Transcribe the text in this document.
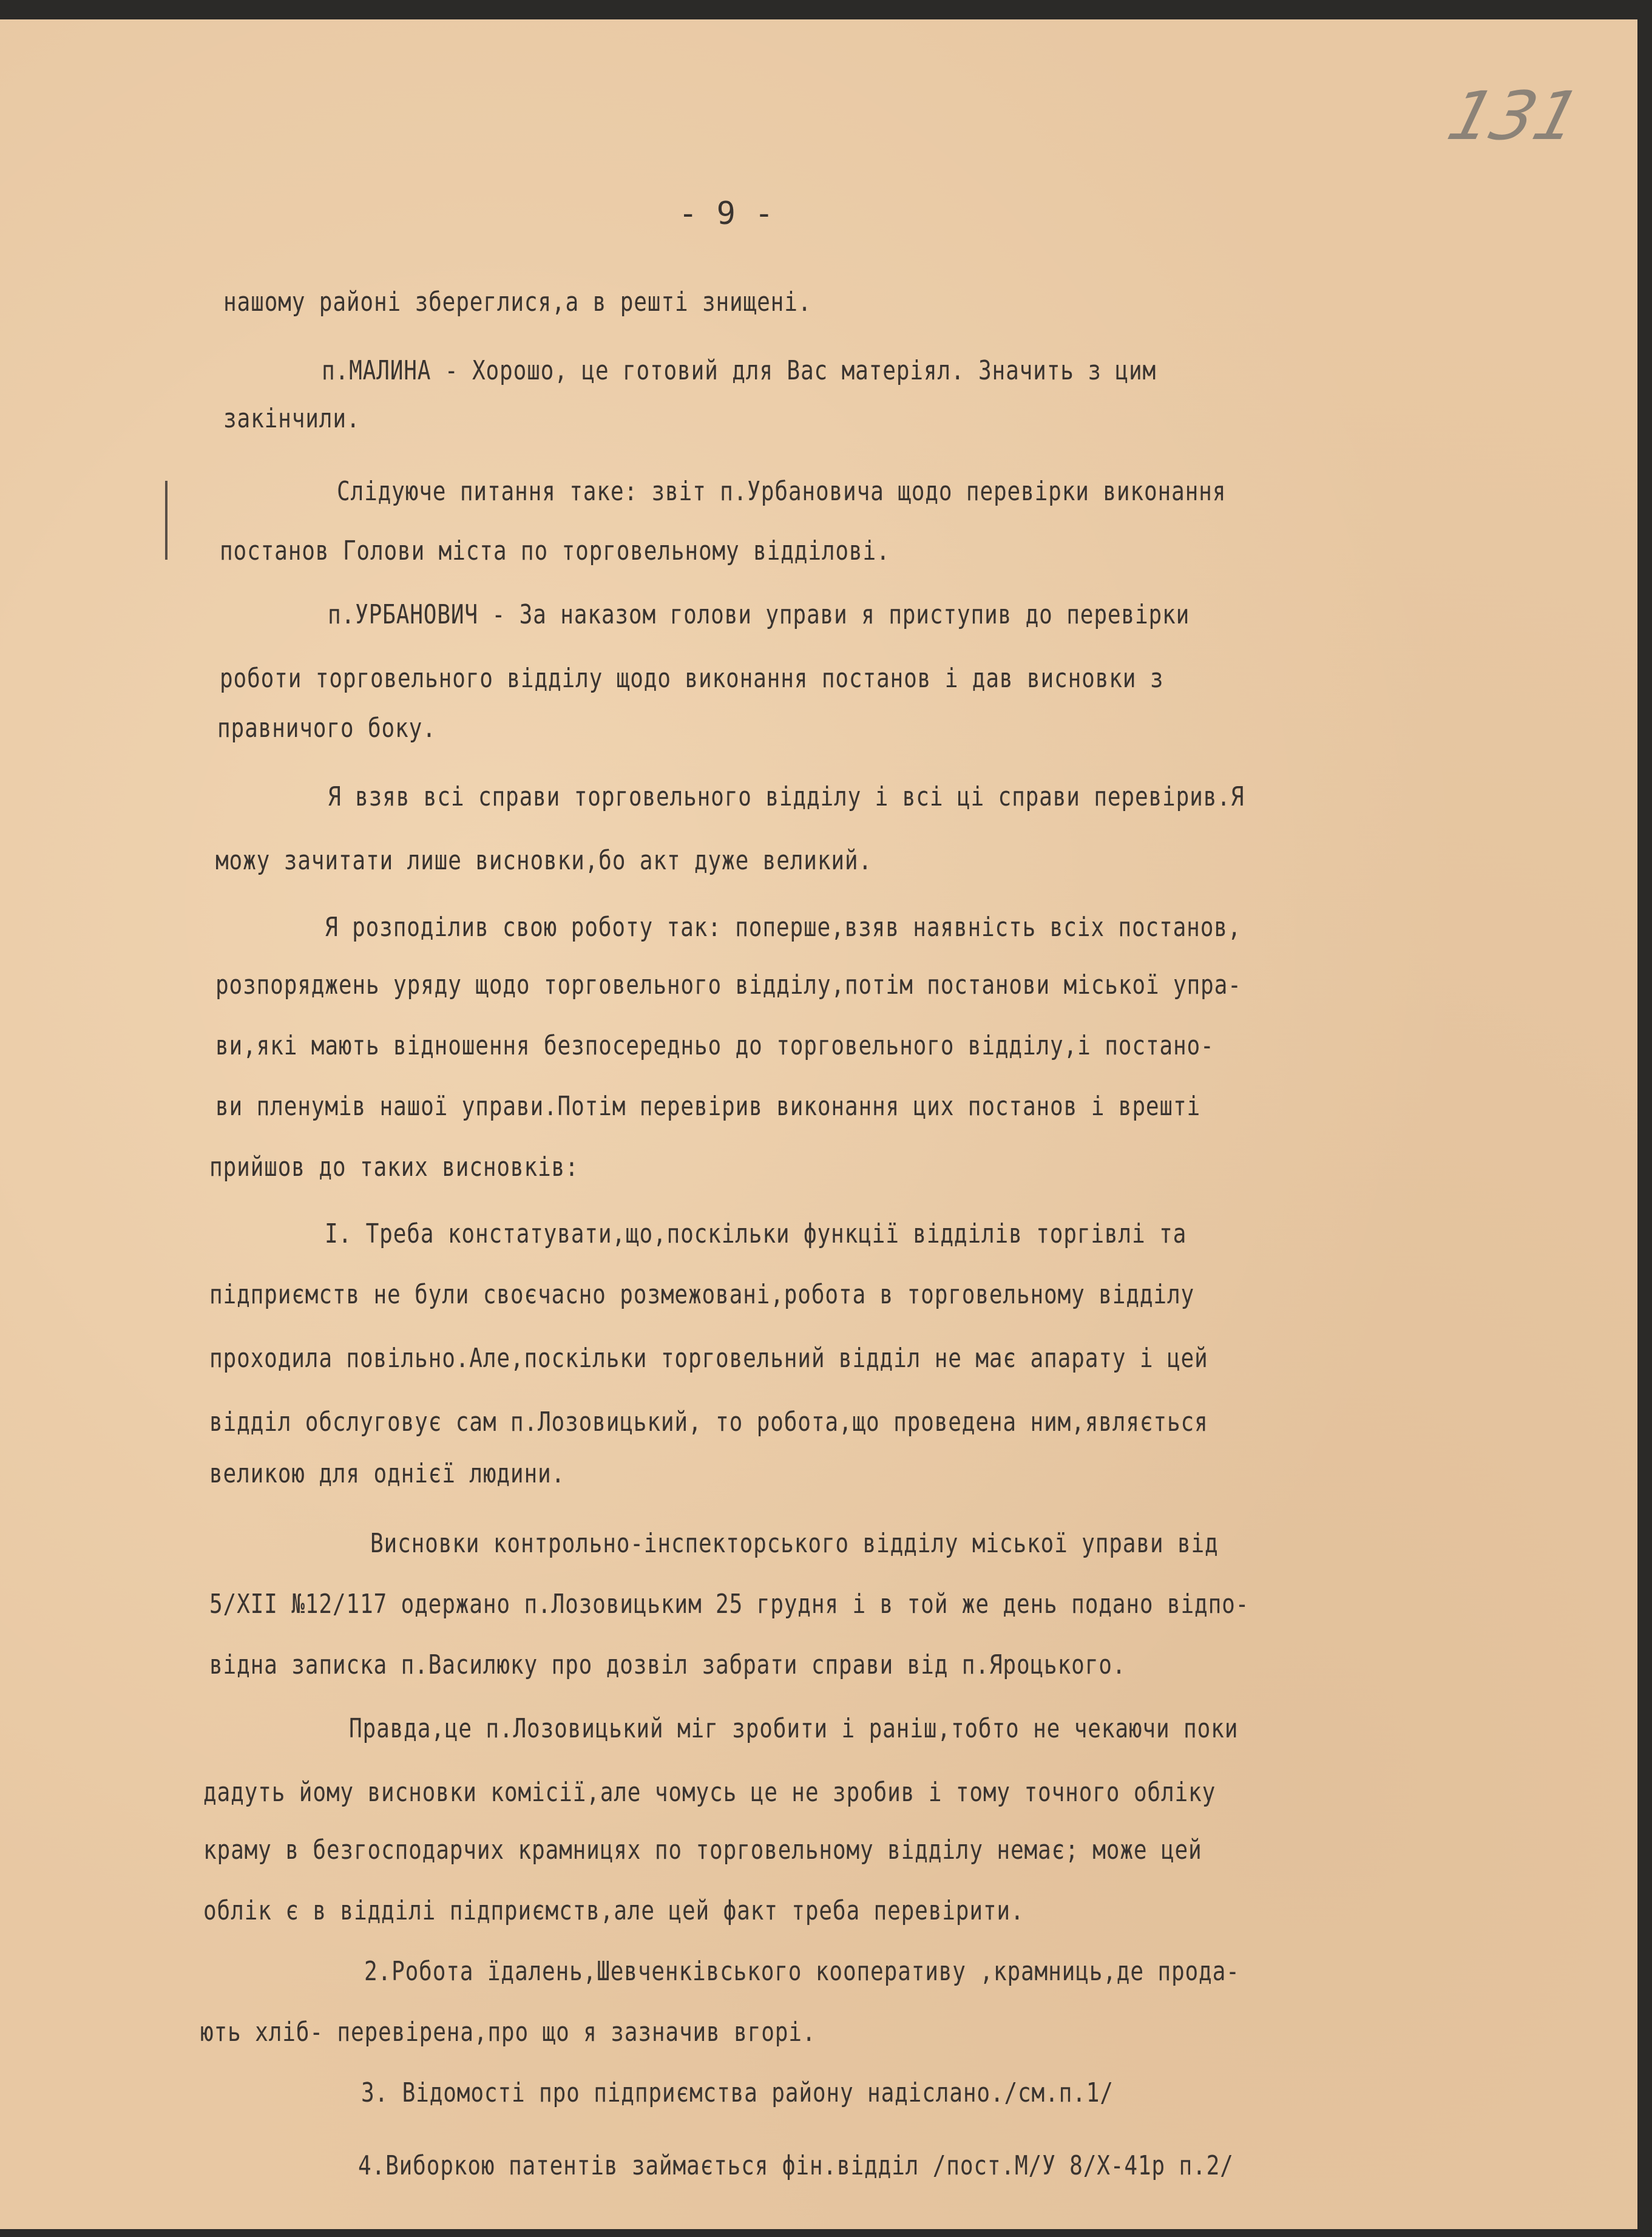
- 9 -
131
нашому районі збереглися,а в решті знищені.
п.МАЛИНА - Хорошо, це готовий для Вас матеріял. Значить з цим
закінчили.
Слідуюче питання таке: звіт п.Урбановича щодо перевірки виконання
постанов Голови міста по торговельному відділові.
п.УРБАНОВИЧ - За наказом голови управи я приступив до перевірки
роботи торговельного відділу щодо виконання постанов і дав висновки з
правничого боку.
Я взяв всі справи торговельного відділу і всі ці справи перевірив.Я
можу зачитати лише висновки,бо акт дуже великий.
Я розподілив свою роботу так: поперше,взяв наявність всіх постанов,
розпоряджень уряду щодо торговельного відділу,потім постанови міської упра-
ви,які мають відношення безпосередньо до торговельного відділу,і постано-
ви пленумів нашої управи.Потім перевірив виконання цих постанов і врешті
прийшов до таких висновків:
І. Треба констатувати,що,поскільки функції відділів торгівлі та
підприємств не були своєчасно розмежовані,робота в торговельному відділу
проходила повільно.Але,поскільки торговельний відділ не має апарату і цей
відділ обслуговує сам п.Лозовицький, то робота,що проведена ним,являється
великою для однієї людини.
Висновки контрольно-інспекторського відділу міської управи від
5/ХІІ №12/117 одержано п.Лозовицьким 25 грудня і в той же день подано відпо-
відна записка п.Василюку про дозвіл забрати справи від п.Яроцького.
Правда,це п.Лозовицький міг зробити і раніш,тобто не чекаючи поки
дадуть йому висновки комісії,але чомусь це не зробив і тому точного обліку
краму в безгосподарчих крамницях по торговельному відділу немає; може цей
облік є в відділі підприємств,але цей факт треба перевірити.
2.Робота їдалень,Шевченківського кооперативу ,крамниць,де прода-
ють хліб- перевірена,про що я зазначив вгорі.
3. Відомості про підприємства району надіслано./см.п.1/
4.Виборкою патентів займається фін.відділ /пост.М/У 8/Х-41р п.2/
